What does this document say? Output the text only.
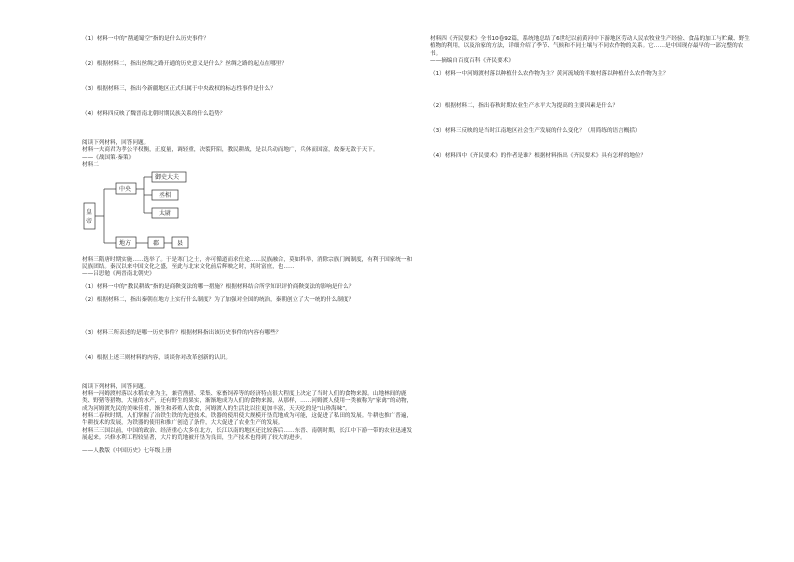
（1）材料一中的“凿通蜀空”指的是什么历史事件？

（2）根据材料二，指出丝绸之路开通的历史意义是什么？丝绸之路的起点在哪里？

（3）根据材料三，指出今新疆地区正式归属于中央政权的标志性事件是什么？

（4）材料四反映了魏晋南北朝时期民族关系的什么趋势？

阅读下列材料，回答问题。

材料一夫商君为孝公平权衡，正度量，调轻重，决裂阡陌，教民耕战，是以兵动而地广，兵休而国富，故秦无敌于天下。

——《战国策·秦策》

材料二

皇
帝
中央
御史大夫
丞相
太尉
地方	郡	县

材料三隋唐时期实施……选举了。于是寒门之士，亦可循道而求仕途……民族融合，莫如科举，消除宗族门阀制度，有利于国家统一和民族团结。秦汉以来中国文化之盛，至此与北宋文化前后辉映之时，其时富庶，也……

——吕思勉《两晋南北朝史》

（1）材料一中的“教民耕战”指的是商鞅变法的哪一措施？根据材料结合所学知识评价商鞅变法的影响是什么？

（2）根据材料二，指出秦朝在地方上实行什么制度？为了加强对全国的统治，秦朝创立了大一统的什么制度？

（3）材料三所表述的是哪一历史事件？根据材料指出该历史事件的内容有哪些？

（4）根据上述三则材料的内容，谈谈你对改革创新的认识。

阅读下列材料，回答问题。

材料一河姆渡村落以水稻农业为主，兼营渔猎、采集、家畜饲养等的经济特点很大程度上决定了当时人们的食物来源。山地林间的鹿类、野猪等猎物，大量的水产，还有野生的果实，渐渐地成为人们的食物来源，从那样，……河姆渡人使用一类被称为“家禽”的动物，成为河姆渡先民的美味佳肴，渐生和养殖人饮食，河姆渡人的生活比以往更加丰富，天天吃的是“山珍海味”。

材料二春秋时期，人们掌握了冶铁生铁的先进技术。铁器的使用使大规模开垦荒地成为可能，这促进了私田的发展。牛耕也推广普遍，牛耕技术的发展，为铁器的使用和推广创造了条件，大大促进了农业生产的发展。

材料三三国以前，中国的政治、经济重心大多在北方，长江以南的地区还比较落后……东晋、南朝时期，长江中下游一带的农业迅速发展起来。兴修水利工程较显著，大片的荒地被开垦为良田，生产技术也得到了较大的进步。

——人教版《中国历史》七年级上册

材料四《齐民要术》全书10卷92篇，系统地总结了6世纪以前黄河中下游地区劳动人民农牧业生产经验、食品的加工与贮藏、野生植物的利用，以及治家的方法，详细介绍了季节、气候和不同土壤与不同农作物的关系。它……是中国现存最早的一部完整的农书。

——摘编自百度百科《齐民要术》

（1）材料一中河姆渡村落以种植什么农作物为主？黄河流域的半坡村落以种植什么农作物为主？

（2）根据材料二，指出春秋时期农业生产水平大为提高的主要因素是什么？

（3）材料三反映的是当时江南地区社会生产发展的什么变化？（用简练的语言概括）

（4）材料四中《齐民要术》的作者是谁？根据材料指出《齐民要术》具有怎样的地位？
